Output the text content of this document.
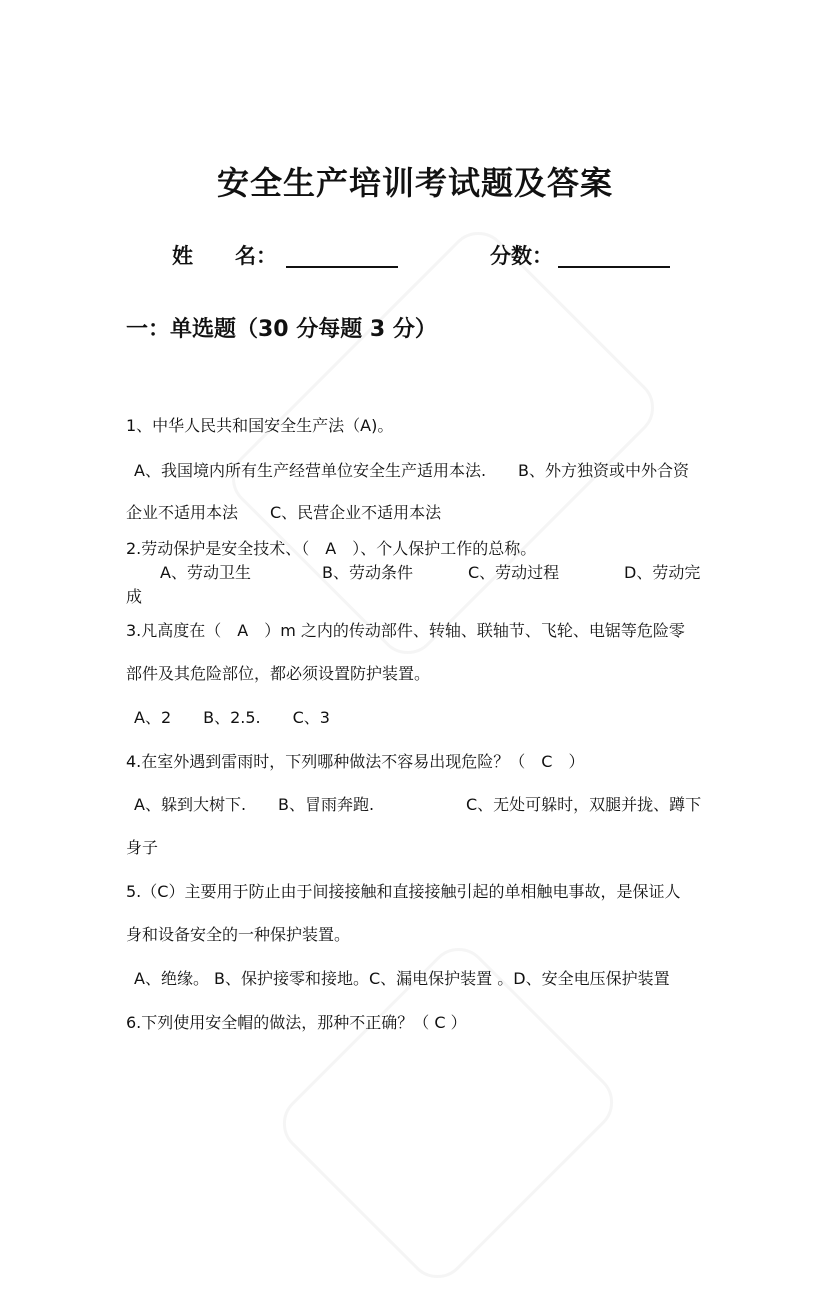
安全生产培训考试题及答案
姓　　名：	分数：
一：单选题（30 分每题 3 分）
1、中华人民共和国安全生产法（A)。
A、我国境内所有生产经营单位安全生产适用本法.　　B、外方独资或中外合资
企业不适用本法　　C、民营企业不适用本法
2.劳动保护是安全技术、（　A　）、个人保护工作的总称。
A、劳动卫生	B、劳动条件	C、劳动过程	D、劳动完
成
3.凡高度在（　A　）m 之内的传动部件、转轴、联轴节、飞轮、电锯等危险零
部件及其危险部位，都必须设置防护装置。
A、2　　B、2.5.　　C、3
4.在室外遇到雷雨时，下列哪种做法不容易出现危险？（　C　）
A、躲到大树下.　　B、冒雨奔跑.	C、无处可躲时，双腿并拢、蹲下
身子
5.（C）主要用于防止由于间接接触和直接接触引起的单相触电事故，是保证人
身和设备安全的一种保护装置。
A、绝缘。 B、保护接零和接地。C、漏电保护装置 。D、安全电压保护装置
6.下列使用安全帽的做法，那种不正确？（ C ）
